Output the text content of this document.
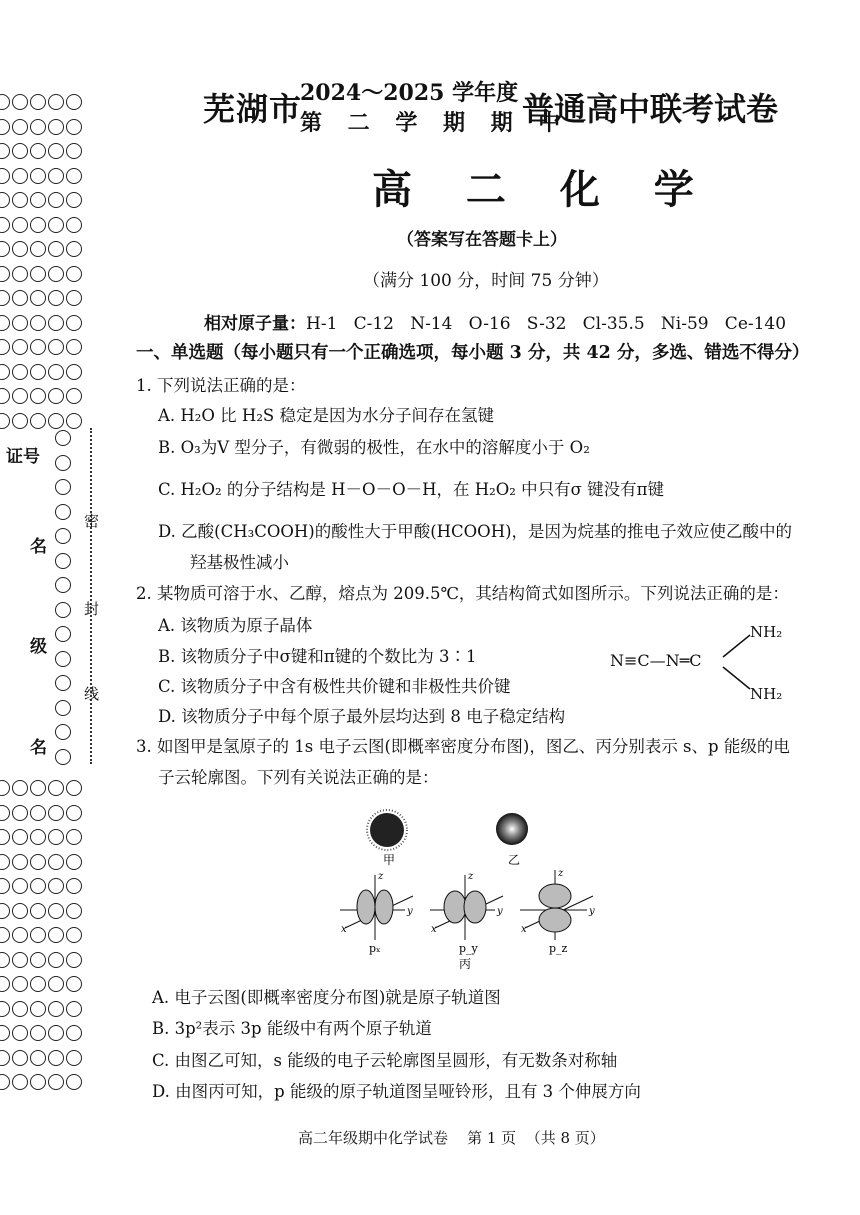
证号
名
级
名
密
封
线
芜湖市
2024～2025 学年度
第 二 学 期 期 中
普通高中联考试卷
高 二 化 学
（答案写在答题卡上）
（满分 100 分，时间 75 分钟）
相对原子量：H-1   C-12   N-14   O-16   S-32   Cl-35.5   Ni-59   Ce-140
一、单选题（每小题只有一个正确选项，每小题 3 分，共 42 分，多选、错选不得分）
1. 下列说法正确的是：
A. H₂O 比 H₂S 稳定是因为水分子间存在氢键
B. O₃为V 型分子，有微弱的极性，在水中的溶解度小于 O₂
C. H₂O₂ 的分子结构是 H－O－O－H，在 H₂O₂ 中只有σ 键没有π键
D. 乙酸(CH₃COOH)的酸性大于甲酸(HCOOH)，是因为烷基的推电子效应使乙酸中的
羟基极性减小
2. 某物质可溶于水、乙醇，熔点为 209.5℃，其结构简式如图所示。下列说法正确的是：
A. 该物质为原子晶体
B. 该物质分子中σ键和π键的个数比为 3∶1
C. 该物质分子中含有极性共价键和非极性共价键
D. 该物质分子中每个原子最外层均达到 8 电子稳定结构
N≡C—N═C
NH₂
NH₂
3. 如图甲是氢原子的 1s 电子云图(即概率密度分布图)，图乙、丙分别表示 s、p 能级的电
子云轮廓图。下列有关说法正确的是：
甲	乙
z	z	z
y	y	y
x	x	x
pₓ	p_y	p_z
丙
A. 电子云图(即概率密度分布图)就是原子轨道图
B. 3p²表示 3p 能级中有两个原子轨道
C. 由图乙可知，s 能级的电子云轮廓图呈圆形，有无数条对称轴
D. 由图丙可知，p 能级的原子轨道图呈哑铃形，且有 3 个伸展方向
高二年级期中化学试卷    第 1 页  （共 8 页）
